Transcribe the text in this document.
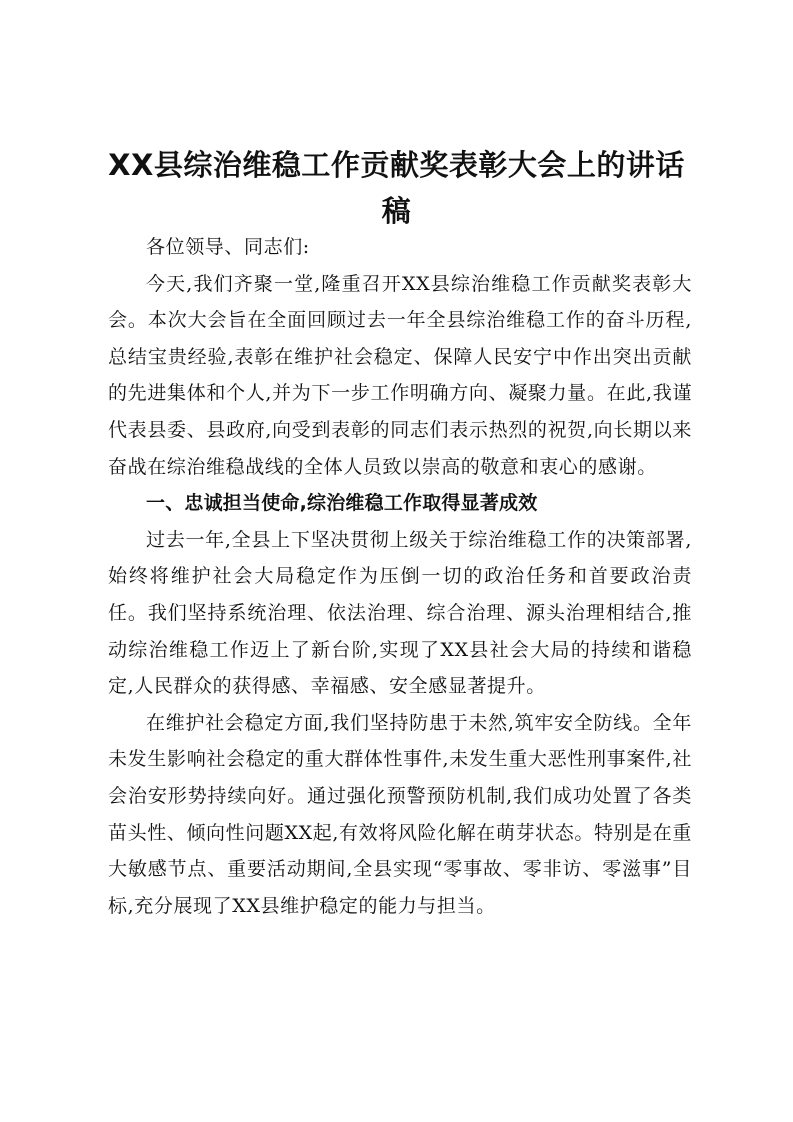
XX县综治维稳工作贡献奖表彰大会上的讲话稿

各位领导、同志们:

今天,我们齐聚一堂,隆重召开XX县综治维稳工作贡献奖表彰大会。本次大会旨在全面回顾过去一年全县综治维稳工作的奋斗历程,总结宝贵经验,表彰在维护社会稳定、保障人民安宁中作出突出贡献的先进集体和个人,并为下一步工作明确方向、凝聚力量。在此,我谨代表县委、县政府,向受到表彰的同志们表示热烈的祝贺,向长期以来奋战在综治维稳战线的全体人员致以崇高的敬意和衷心的感谢。

一、忠诚担当使命,综治维稳工作取得显著成效

过去一年,全县上下坚决贯彻上级关于综治维稳工作的决策部署,始终将维护社会大局稳定作为压倒一切的政治任务和首要政治责任。我们坚持系统治理、依法治理、综合治理、源头治理相结合,推动综治维稳工作迈上了新台阶,实现了XX县社会大局的持续和谐稳定,人民群众的获得感、幸福感、安全感显著提升。

在维护社会稳定方面,我们坚持防患于未然,筑牢安全防线。全年未发生影响社会稳定的重大群体性事件,未发生重大恶性刑事案件,社会治安形势持续向好。通过强化预警预防机制,我们成功处置了各类苗头性、倾向性问题XX起,有效将风险化解在萌芽状态。特别是在重大敏感节点、重要活动期间,全县实现“零事故、零非访、零滋事”目标,充分展现了XX县维护稳定的能力与担当。
